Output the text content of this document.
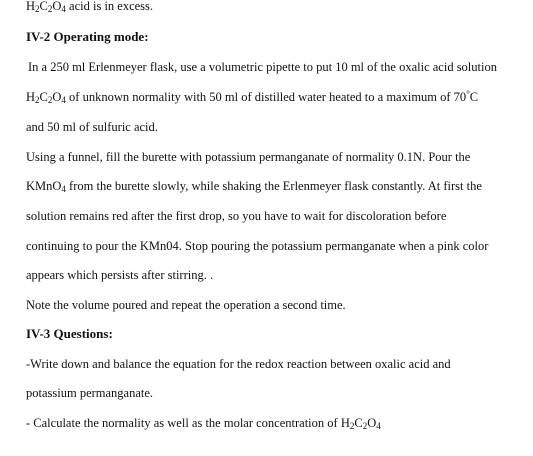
$H_2C_2O_4$ acid is in excess.
IV-2 Operating mode:
In a 250 ml Erlenmeyer flask, use a volumetric pipette to put 10 ml of the oxalic acid solution
$H_2C_2O_4$ of unknown normality with 50 ml of distilled water heated to a maximum of 70°C
and 50 ml of sulfuric acid.
Using a funnel, fill the burette with potassium permanganate of normality 0.1N. Pour the
KMnO$_4$ from the burette slowly, while shaking the Erlenmeyer flask constantly. At first the
solution remains red after the first drop, so you have to wait for discoloration before
continuing to pour the KMn04. Stop pouring the potassium permanganate when a pink color
appears which persists after stirring. .
Note the volume poured and repeat the operation a second time.
IV-3 Questions:
-Write down and balance the equation for the redox reaction between oxalic acid and
potassium permanganate.
- Calculate the normality as well as the molar concentration of $H_2C_2O_4$
